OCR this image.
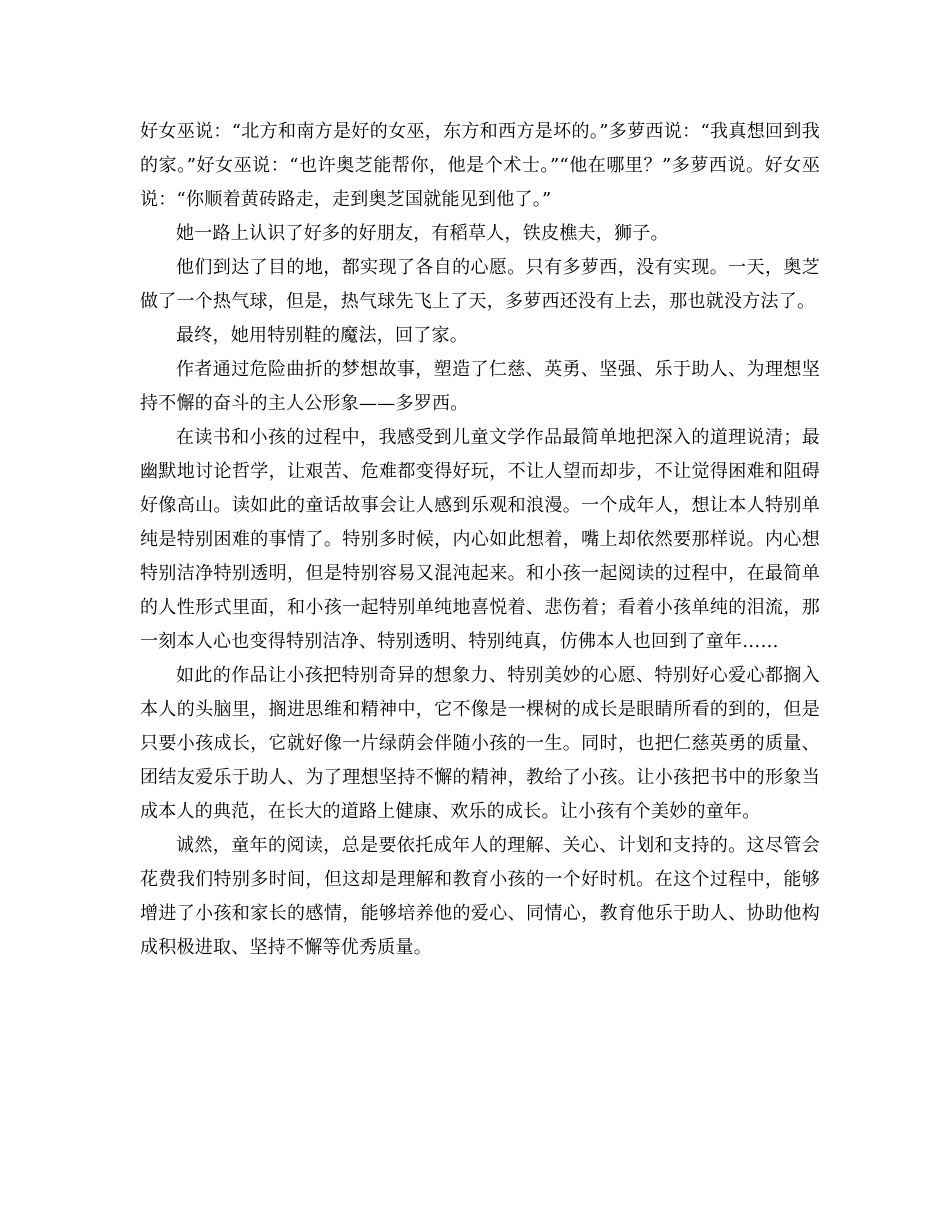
好女巫说：“北方和南方是好的女巫，东方和西方是坏的。”多萝西说：“我真想回到我的家。”好女巫说：“也许奥芝能帮你，他是个术士。”“他在哪里？”多萝西说。好女巫说：“你顺着黄砖路走，走到奥芝国就能见到他了。”

她一路上认识了好多的好朋友，有稻草人，铁皮樵夫，狮子。

他们到达了目的地，都实现了各自的心愿。只有多萝西，没有实现。一天，奥芝做了一个热气球，但是，热气球先飞上了天，多萝西还没有上去，那也就没方法了。

最终，她用特别鞋的魔法，回了家。

作者通过危险曲折的梦想故事，塑造了仁慈、英勇、坚强、乐于助人、为理想坚持不懈的奋斗的主人公形象——多罗西。

在读书和小孩的过程中，我感受到儿童文学作品最简单地把深入的道理说清；最幽默地讨论哲学，让艰苦、危难都变得好玩，不让人望而却步，不让觉得困难和阻碍好像高山。读如此的童话故事会让人感到乐观和浪漫。一个成年人，想让本人特别单纯是特别困难的事情了。特别多时候，内心如此想着，嘴上却依然要那样说。内心想特别洁净特别透明，但是特别容易又混沌起来。和小孩一起阅读的过程中，在最简单的人性形式里面，和小孩一起特别单纯地喜悦着、悲伤着；看着小孩单纯的泪流，那一刻本人心也变得特别洁净、特别透明、特别纯真，仿佛本人也回到了童年……

如此的作品让小孩把特别奇异的想象力、特别美妙的心愿、特别好心爱心都搁入本人的头脑里，搁进思维和精神中，它不像是一棵树的成长是眼睛所看的到的，但是只要小孩成长，它就好像一片绿荫会伴随小孩的一生。同时，也把仁慈英勇的质量、团结友爱乐于助人、为了理想坚持不懈的精神，教给了小孩。让小孩把书中的形象当成本人的典范，在长大的道路上健康、欢乐的成长。让小孩有个美妙的童年。

诚然，童年的阅读，总是要依托成年人的理解、关心、计划和支持的。这尽管会花费我们特别多时间，但这却是理解和教育小孩的一个好时机。在这个过程中，能够增进了小孩和家长的感情，能够培养他的爱心、同情心，教育他乐于助人、协助他构成积极进取、坚持不懈等优秀质量。
